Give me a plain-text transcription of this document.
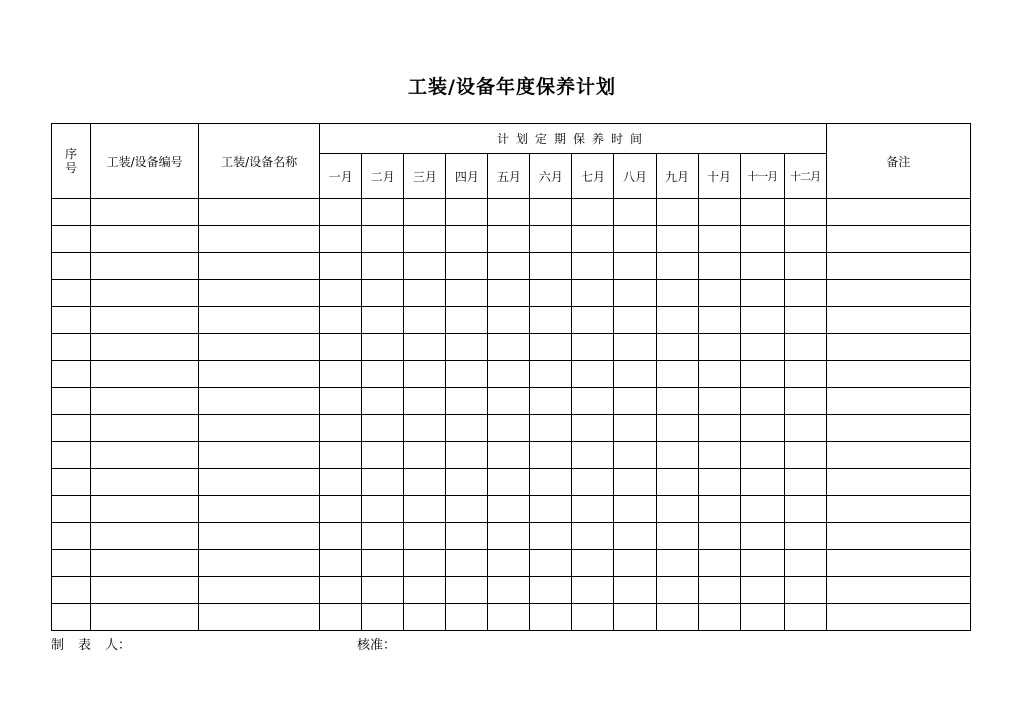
工装/设备年度保养计划
序号	工装/设备编号	工装/设备名称	计划定期保养时间												备注
			一月	二月	三月	四月	五月	六月	七月	八月	九月	十月	十一月	十二月	

制 表 人：	核准：
